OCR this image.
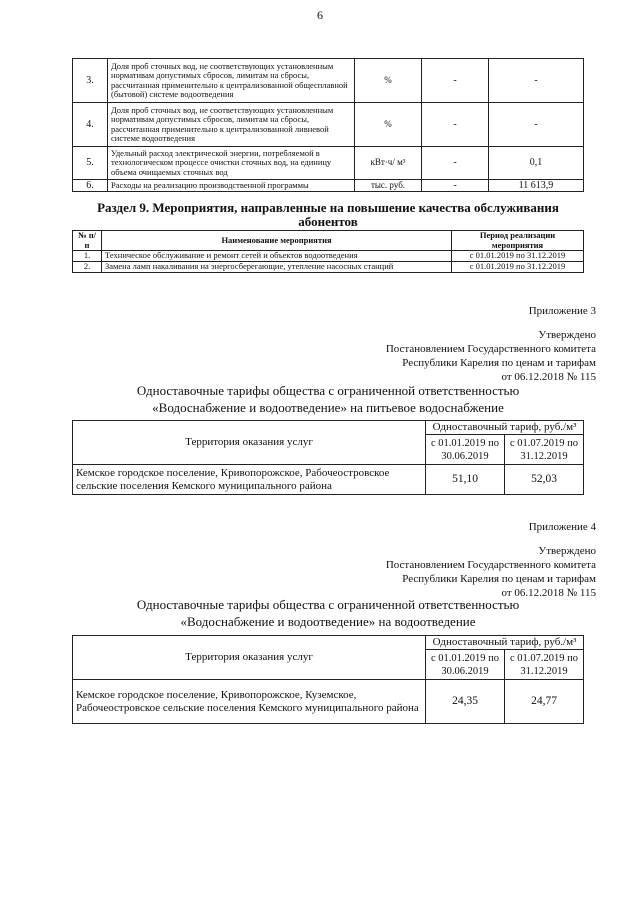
6
3.	Доля проб сточных вод, не соответствующих установленным нормативам допустимых сбросов, лимитам на сбросы, рассчитанная применительно к централизованной общесплавной (бытовой) системе водоотведения	%	-	-
4.	Доля проб сточных вод, не соответствующих установленным нормативам допустимых сбросов, лимитам на сбросы, рассчитанная применительно к централизованной ливневой системе водоотведения	%	-	-
5.	Удельный расход электрической энергии, потребляемой в технологическом процессе очистки сточных вод, на единицу объема очищаемых сточных вод	кВт·ч/ м³	-	0,1
6.	Расходы на реализацию производственной программы	тыс. руб.	-	11 613,9
Раздел 9. Мероприятия, направленные на повышение качества обслуживания абонентов
№ п/п	Наименование мероприятия	Период реализации мероприятия
1.	Техническое обслуживание и ремонт сетей и объектов водоотведения	с 01.01.2019 по 31.12.2019
2.	Замена ламп накаливания на энергосберегающие, утепление насосных станций	с 01.01.2019 по 31.12.2019
Приложение 3
Утверждено
Постановлением Государственного комитета
Республики Карелия по ценам и тарифам
от 06.12.2018 № 115
Одноставочные тарифы общества с ограниченной ответственностью
«Водоснабжение и водоотведение» на питьевое водоснабжение
Территория оказания услуг	Одноставочный тариф, руб./м³	
	с 01.01.2019 по 30.06.2019	с 01.07.2019 по 31.12.2019
Кемское городское поселение, Кривопорожское, Рабочеостровское сельские поселения Кемского муниципального района	51,10	52,03
Приложение 4
Утверждено
Постановлением Государственного комитета
Республики Карелия по ценам и тарифам
от 06.12.2018 № 115
Одноставочные тарифы общества с ограниченной ответственностью
«Водоснабжение и водоотведение» на водоотведение
Территория оказания услуг	Одноставочный тариф, руб./м³	
	с 01.01.2019 по 30.06.2019	с 01.07.2019 по 31.12.2019
Кемское городское поселение, Кривопорожское, Куземское, Рабочеостровское сельские поселения Кемского муниципального района	24,35	24,77
